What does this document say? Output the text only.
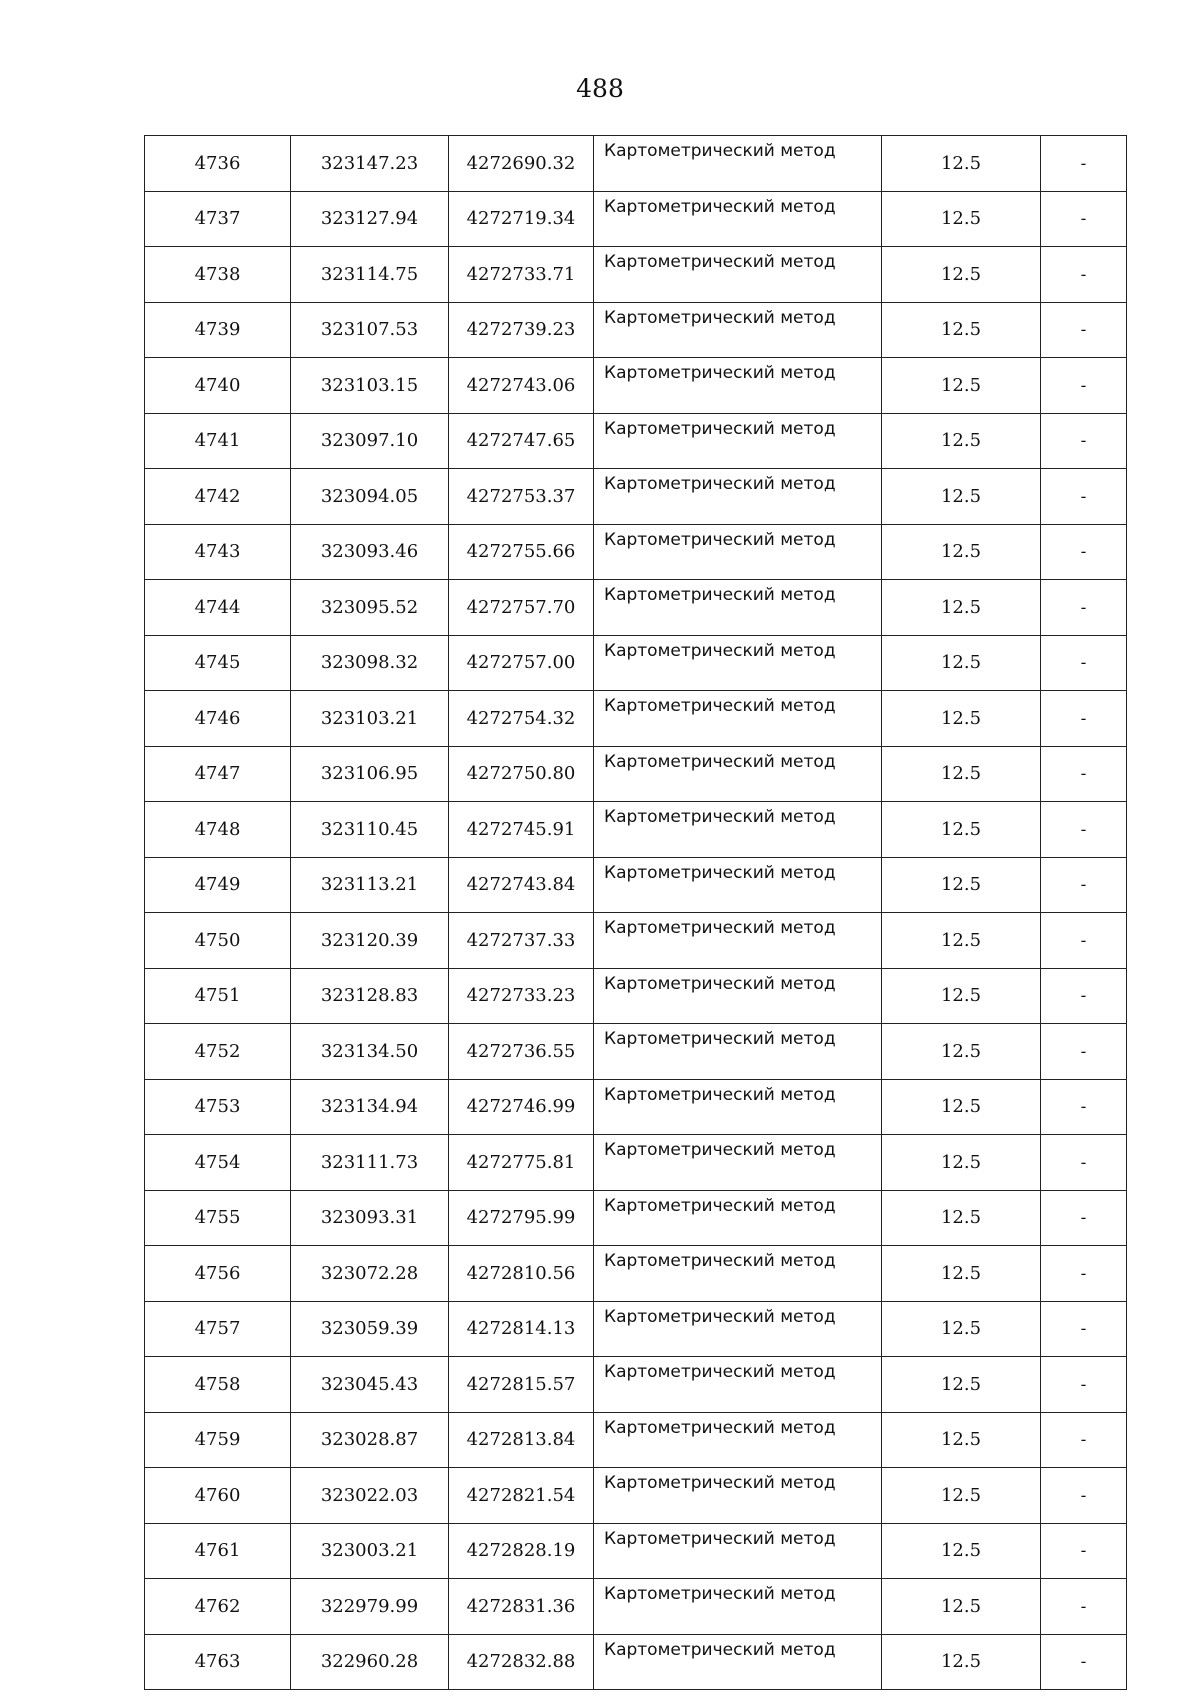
488
4736	323147.23	4272690.32	Картометрический метод	12.5	-
4737	323127.94	4272719.34	Картометрический метод	12.5	-
4738	323114.75	4272733.71	Картометрический метод	12.5	-
4739	323107.53	4272739.23	Картометрический метод	12.5	-
4740	323103.15	4272743.06	Картометрический метод	12.5	-
4741	323097.10	4272747.65	Картометрический метод	12.5	-
4742	323094.05	4272753.37	Картометрический метод	12.5	-
4743	323093.46	4272755.66	Картометрический метод	12.5	-
4744	323095.52	4272757.70	Картометрический метод	12.5	-
4745	323098.32	4272757.00	Картометрический метод	12.5	-
4746	323103.21	4272754.32	Картометрический метод	12.5	-
4747	323106.95	4272750.80	Картометрический метод	12.5	-
4748	323110.45	4272745.91	Картометрический метод	12.5	-
4749	323113.21	4272743.84	Картометрический метод	12.5	-
4750	323120.39	4272737.33	Картометрический метод	12.5	-
4751	323128.83	4272733.23	Картометрический метод	12.5	-
4752	323134.50	4272736.55	Картометрический метод	12.5	-
4753	323134.94	4272746.99	Картометрический метод	12.5	-
4754	323111.73	4272775.81	Картометрический метод	12.5	-
4755	323093.31	4272795.99	Картометрический метод	12.5	-
4756	323072.28	4272810.56	Картометрический метод	12.5	-
4757	323059.39	4272814.13	Картометрический метод	12.5	-
4758	323045.43	4272815.57	Картометрический метод	12.5	-
4759	323028.87	4272813.84	Картометрический метод	12.5	-
4760	323022.03	4272821.54	Картометрический метод	12.5	-
4761	323003.21	4272828.19	Картометрический метод	12.5	-
4762	322979.99	4272831.36	Картометрический метод	12.5	-
4763	322960.28	4272832.88	Картометрический метод	12.5	-
